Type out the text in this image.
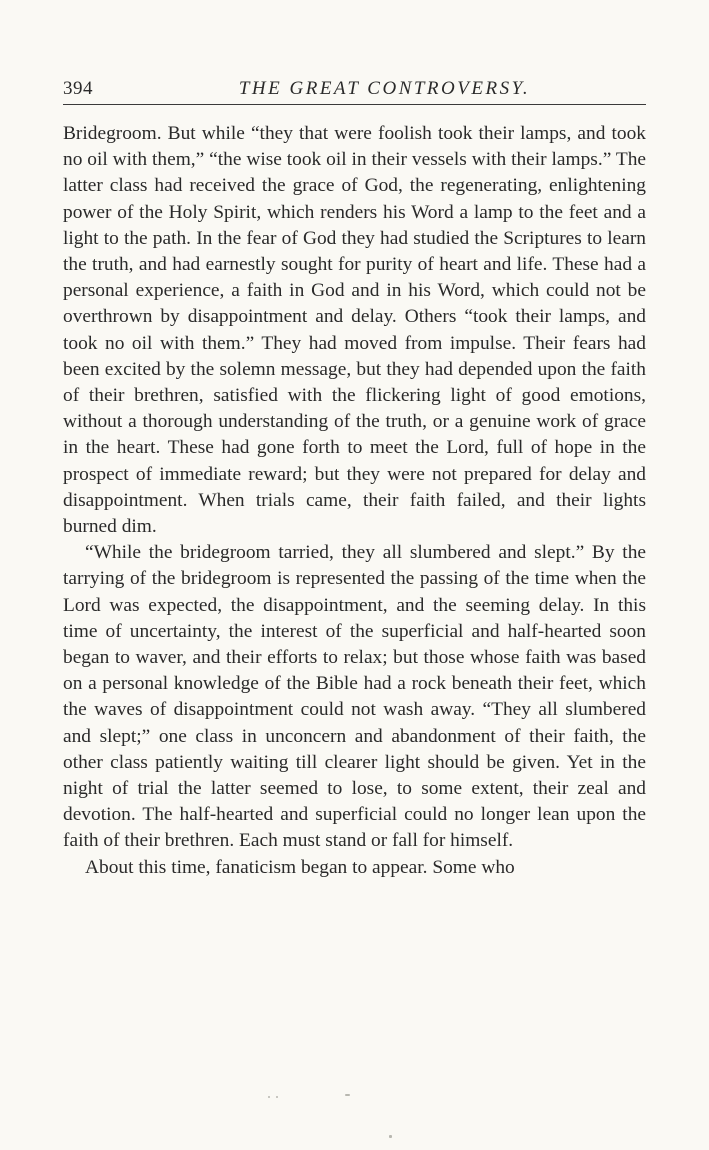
394	THE GREAT CONTROVERSY.

Bridegroom. But while “they that were foolish took their lamps, and took no oil with them,” “the wise took oil in their vessels with their lamps.” The latter class had received the grace of God, the regenerating, enlightening power of the Holy Spirit, which renders his Word a lamp to the feet and a light to the path. In the fear of God they had studied the Scriptures to learn the truth, and had earnestly sought for purity of heart and life. These had a personal experience, a faith in God and in his Word, which could not be overthrown by disappointment and delay. Others “took their lamps, and took no oil with them.” They had moved from impulse. Their fears had been excited by the solemn message, but they had depended upon the faith of their brethren, satisfied with the flickering light of good emotions, without a thorough understanding of the truth, or a genuine work of grace in the heart. These had gone forth to meet the Lord, full of hope in the prospect of immediate reward; but they were not prepared for delay and disappointment. When trials came, their faith failed, and their lights burned dim.

“While the bridegroom tarried, they all slumbered and slept.” By the tarrying of the bridegroom is represented the passing of the time when the Lord was expected, the disappointment, and the seeming delay. In this time of uncertainty, the interest of the superficial and half-hearted soon began to waver, and their efforts to relax; but those whose faith was based on a personal knowledge of the Bible had a rock beneath their feet, which the waves of disappointment could not wash away. “They all slumbered and slept;” one class in unconcern and abandonment of their faith, the other class patiently waiting till clearer light should be given. Yet in the night of trial the latter seemed to lose, to some extent, their zeal and devotion. The half-hearted and superficial could no longer lean upon the faith of their brethren. Each must stand or fall for himself.

About this time, fanaticism began to appear. Some who
